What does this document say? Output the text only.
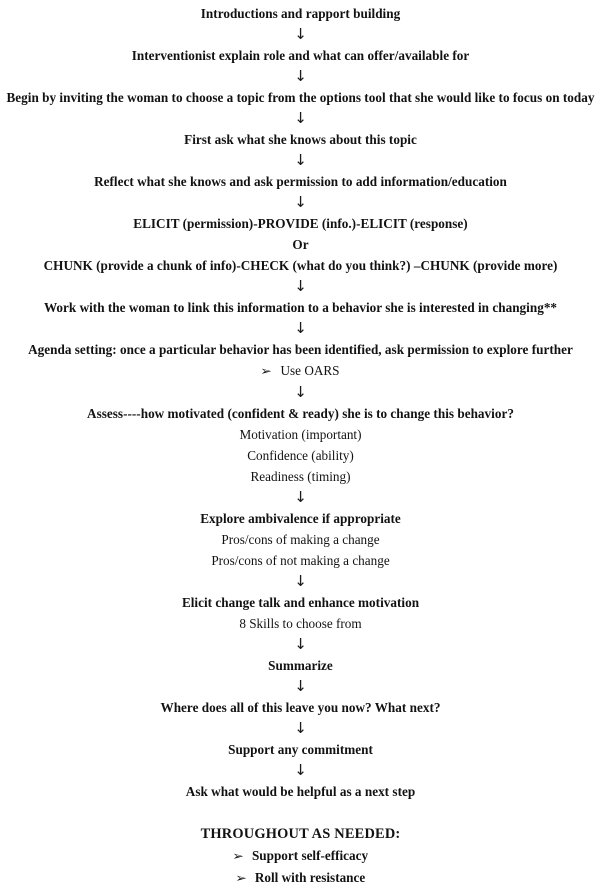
Introductions and rapport building
↓
Interventionist explain role and what can offer/available for
↓
Begin by inviting the woman to choose a topic from the options tool that she would like to focus on today
↓
First ask what she knows about this topic
↓
Reflect what she knows and ask permission to add information/education
↓
ELICIT (permission)-PROVIDE (info.)-ELICIT (response)
Or
CHUNK (provide a chunk of info)-CHECK (what do you think?) –CHUNK (provide more)
↓
Work with the woman to link this information to a behavior she is interested in changing**
↓
Agenda setting: once a particular behavior has been identified, ask permission to explore further
➢ Use OARS
↓
Assess----how motivated (confident & ready) she is to change this behavior?
Motivation (important)
Confidence (ability)
Readiness (timing)
↓
Explore ambivalence if appropriate
Pros/cons of making a change
Pros/cons of not making a change
↓
Elicit change talk and enhance motivation
8 Skills to choose from
↓
Summarize
↓
Where does all of this leave you now? What next?
↓
Support any commitment
↓
Ask what would be helpful as a next step
THROUGHOUT AS NEEDED:
➢ Support self-efficacy
➢ Roll with resistance
